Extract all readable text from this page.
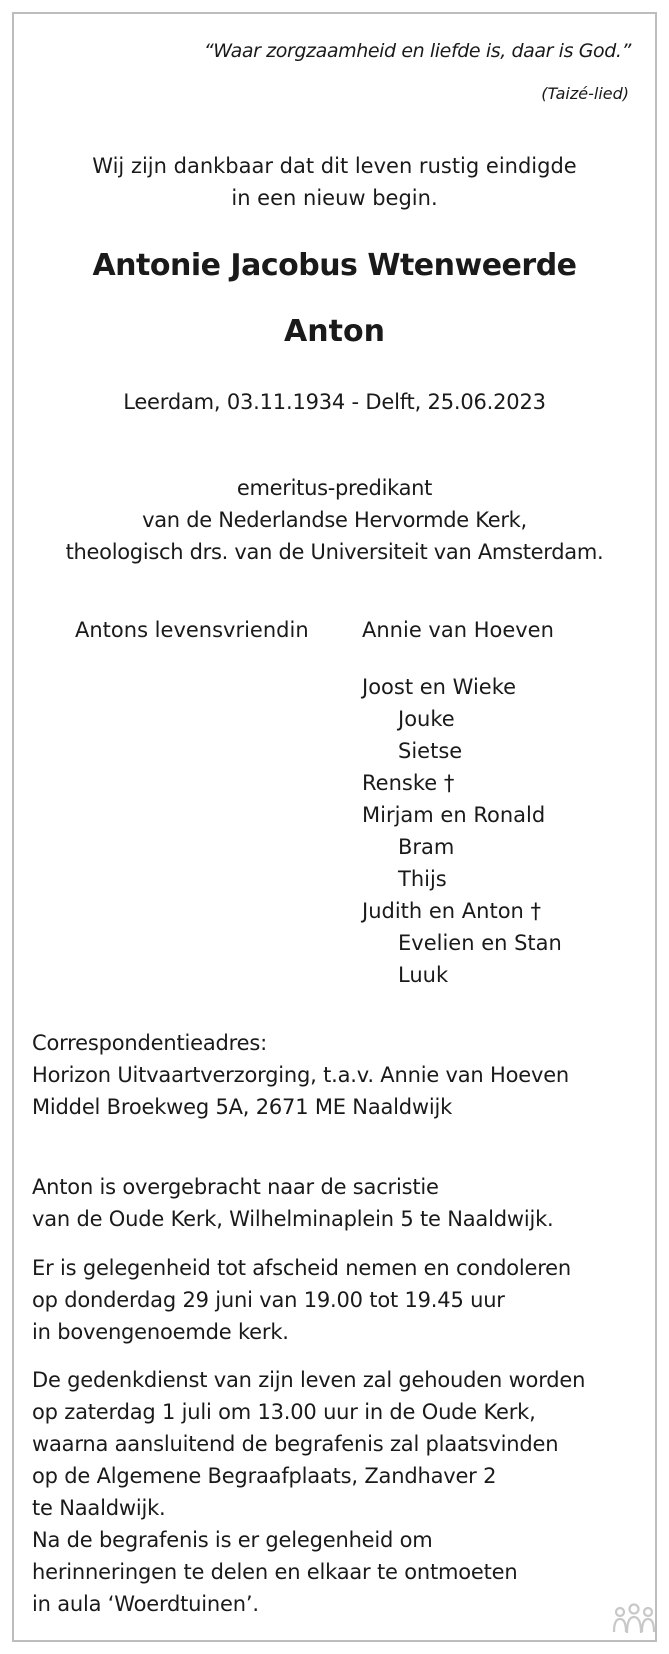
“Waar zorgzaamheid en liefde is, daar is God.”

(Taizé-lied)

Wij zijn dankbaar dat dit leven rustig eindigde
in een nieuw begin.

Antonie Jacobus Wtenweerde

Anton

Leerdam, 03.11.1934 - Delft, 25.06.2023

emeritus-predikant
van de Nederlandse Hervormde Kerk,
theologisch drs. van de Universiteit van Amsterdam.

Antons levensvriendin	Annie van Hoeven

Joost en Wieke

Jouke

Sietse

Renske †

Mirjam en Ronald

Bram

Thijs

Judith en Anton †

Evelien en Stan

Luuk

Correspondentieadres:
Horizon Uitvaartverzorging, t.a.v. Annie van Hoeven
Middel Broekweg 5A, 2671 ME Naaldwijk
Anton is overgebracht naar de sacristie
van de Oude Kerk, Wilhelminaplein 5 te Naaldwijk.
Er is gelegenheid tot afscheid nemen en condoleren
op donderdag 29 juni van 19.00 tot 19.45 uur
in bovengenoemde kerk.
De gedenkdienst van zijn leven zal gehouden worden
op zaterdag 1 juli om 13.00 uur in de Oude Kerk,
waarna aansluitend de begrafenis zal plaatsvinden
op de Algemene Begraafplaats, Zandhaver 2
te Naaldwijk.
Na de begrafenis is er gelegenheid om
herinneringen te delen en elkaar te ontmoeten
in aula ‘Woerdtuinen’.
